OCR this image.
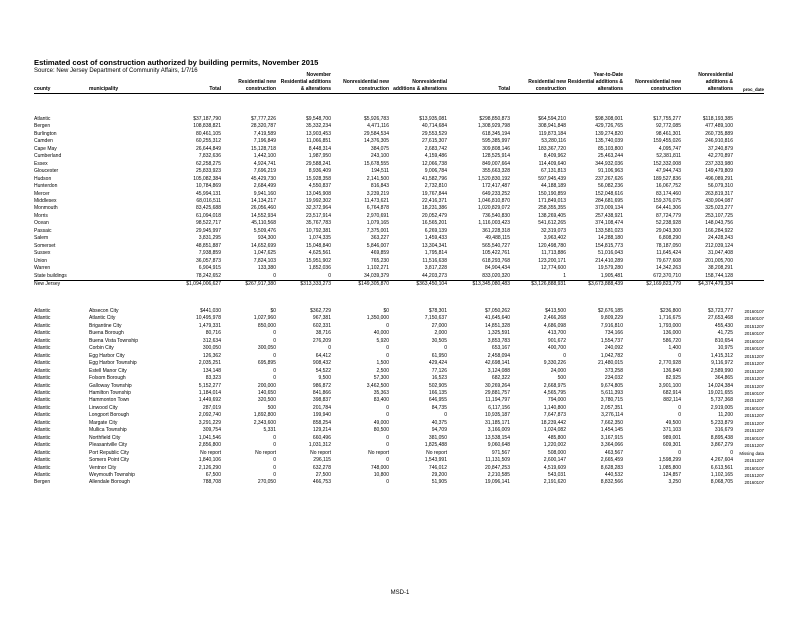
Estimated cost of construction authorized by building permits, November 2015
Source: New Jersey Department of Community Affairs, 1/7/16
county	municipality	Total	Residential new construction	
November
Residential additions & alterations
	Nonresidential new construction	Nonresidential additions & alterations	Total	Residential new construction	
Year-to-Date
Residential additions & alterations
	Nonresidential new construction	Nonresidential additions & alterations	proc_date
Atlantic		$37,187,790	$7,777,226	$9,548,700	$5,926,783	$13,935,081	$298,850,873	$64,594,210	$98,308,001	$17,755,277	$118,193,385	
Bergen		108,838,821	28,320,787	35,332,234	4,471,116	40,714,684	1,308,929,798	308,941,848	429,726,765	92,772,085	477,489,100	
Burlington		80,461,105	7,419,589	13,903,453	29,584,534	29,553,529	618,345,194	119,873,184	139,274,820	98,461,301	260,735,889	
Camden		60,255,312	7,196,849	11,066,851	14,376,305	27,615,307	595,385,997	53,280,116	135,740,039	159,455,026	246,910,816	
Cape May		26,644,849	15,128,718	8,448,314	384,075	2,683,742	309,808,146	183,367,720	85,103,800	4,095,747	37,240,879	
Cumberland		7,832,636	1,442,100	1,987,950	243,100	4,159,486	128,525,914	8,409,962	25,463,244	52,381,811	42,270,897	
Essex		62,258,275	4,924,741	29,588,241	15,678,555	12,066,738	849,007,664	114,409,640	344,932,036	152,332,008	237,333,980	
Gloucester		25,833,923	7,696,219	8,936,409	194,511	9,006,784	355,663,328	67,131,813	91,106,963	47,944,743	149,479,809	
Hudson		105,082,384	45,429,730	15,928,358	2,141,500	41,582,796	1,520,830,192	597,945,439	237,267,626	189,527,836	496,089,291	
Hunterdon		10,784,869	2,684,499	4,550,837	816,843	2,732,810	172,417,487	44,188,189	56,082,236	16,067,752	56,079,310	
Mercer		45,994,131	9,941,160	13,045,908	3,239,219	19,767,844	649,233,252	150,190,859	152,048,616	83,174,460	263,819,317	
Middlesex		68,016,511	14,134,217	19,992,302	11,473,621	22,416,371	1,046,810,870	171,849,013	284,681,695	159,376,075	430,904,087	
Monmouth		83,425,688	26,056,460	32,372,964	6,764,878	18,231,386	1,020,829,072	258,355,355	373,009,134	64,441,306	325,023,277	
Morris		61,094,018	14,552,934	23,517,914	2,970,691	20,052,479	736,540,830	138,269,405	257,438,921	87,724,779	253,107,725	
Ocean		98,522,717	45,110,568	35,767,783	1,079,165	16,565,201	1,116,003,423	541,612,265	374,108,474	52,238,928	148,043,756	
Passaic		29,945,997	5,509,476	10,792,381	7,375,001	6,269,139	361,228,318	32,319,073	133,581,023	29,043,300	166,284,922	
Salem		3,831,295	934,300	1,074,335	363,227	1,459,433	49,488,115	3,963,402	14,288,180	6,808,290	24,428,243	
Somerset		48,851,887	14,652,699	15,048,840	5,846,007	13,304,341	565,540,727	120,498,780	154,815,773	78,187,050	212,039,124	
Sussex		7,938,859	1,047,625	4,625,561	469,859	1,795,814	105,422,761	11,713,886	51,016,043	11,645,424	31,047,408	
Union		36,057,873	7,824,103	15,951,902	765,230	11,516,638	618,293,768	123,200,171	214,410,289	79,677,608	201,005,700	
Warren		6,904,915	133,380	1,852,036	1,102,271	3,817,228	84,904,434	12,774,600	19,579,280	14,342,263	38,208,291	
State buildings		78,242,652	0	0	34,039,379	44,203,273	833,020,320	1	1,905,481	672,370,710	158,744,128	
New Jersey		$1,094,006,627	$267,917,380	$313,333,273	$149,305,870	$363,450,104	$13,345,080,483	$3,126,888,931	$3,673,888,439	$2,169,823,779	$4,374,479,334	
Atlantic	Absecon City	$441,030	$0	$362,729	$0	$78,301	$7,050,262	$413,500	$2,676,185	$236,800	$3,723,777	20160107
Atlantic	Atlantic City	10,495,978	1,027,960	967,381	1,350,000	7,150,637	41,645,640	2,466,268	9,809,229	1,716,675	27,653,468	20160107
Atlantic	Brigantine City	1,479,331	850,000	602,331	0	27,000	14,851,328	4,686,098	7,916,810	1,793,000	455,430	20151207
Atlantic	Buena Borough	80,716	0	38,716	40,000	2,000	1,325,591	413,700	734,166	136,000	41,725	20160107
Atlantic	Buena Vista Township	312,634	0	276,209	5,920	30,505	3,853,783	901,672	1,554,737	586,720	810,654	20160107
Atlantic	Corbin City	300,050	300,050	0	0	0	653,167	400,700	240,092	1,400	10,975	20160107
Atlantic	Egg Harbor City	126,362	0	64,412	0	61,950	2,458,094	0	1,042,782	0	1,415,312	20151207
Atlantic	Egg Harbor Township	2,035,251	695,895	908,432	1,500	429,424	42,698,141	9,330,226	21,480,015	2,770,928	9,116,972	20151207
Atlantic	Estell Manor City	134,148	0	54,522	2,500	77,126	3,124,088	24,000	373,258	136,840	2,589,990	20151207
Atlantic	Folsom Borough	83,323	0	9,500	57,300	16,523	682,322	500	234,032	82,925	364,865	20151207
Atlantic	Galloway Township	5,152,277	200,000	986,872	3,462,500	502,905	30,269,264	2,668,975	9,674,805	3,901,100	14,024,384	20151207
Atlantic	Hamilton Township	1,184,014	140,650	841,866	35,363	166,135	29,881,757	4,565,795	5,611,393	682,914	19,021,655	20160107
Atlantic	Hammonton Town	1,449,692	320,500	398,837	83,400	646,955	11,194,797	794,000	3,780,715	882,114	5,737,368	20151207
Atlantic	Linwood City	287,019	500	201,784	0	84,735	6,117,156	1,140,800	2,057,351	0	2,919,005	20160107
Atlantic	Longport Borough	2,092,740	1,892,800	199,940	0	0	10,935,187	7,647,873	3,276,114	0	11,200	20151207
Atlantic	Margate City	3,291,229	2,343,600	858,254	49,000	40,375	31,185,171	18,239,442	7,662,350	49,500	5,233,879	20151207
Atlantic	Mullica Township	309,754	5,331	129,214	80,500	94,709	3,166,009	1,024,082	1,454,145	371,103	316,679	20151207
Atlantic	Northfield City	1,041,546	0	660,496	0	381,050	13,538,154	485,800	3,167,915	989,001	8,895,438	20160107
Atlantic	Pleasantville City	2,856,800	0	1,031,312	0	1,825,488	9,060,648	1,220,002	3,364,066	609,301	3,867,279	20151207
Atlantic	Port Republic City	No report	No report	No report	No report	No report	971,567	508,000	463,567	0	0	Missing data
Atlantic	Somers Point City	1,840,106	0	296,115	0	1,543,991	11,131,509	2,600,147	2,665,459	1,598,299	4,267,604	20151207
Atlantic	Ventnor City	2,126,290	0	632,278	748,000	746,012	20,847,253	4,519,609	8,628,283	1,085,800	6,613,561	20160107
Atlantic	Weymouth Township	67,500	0	27,500	10,800	29,200	2,210,585	543,031	440,532	124,857	1,102,165	20151207
Bergen	Allendale Borough	788,708	270,050	466,753	0	51,905	19,096,141	2,191,620	8,832,566	3,250	8,068,705	20160107
MSD-1
